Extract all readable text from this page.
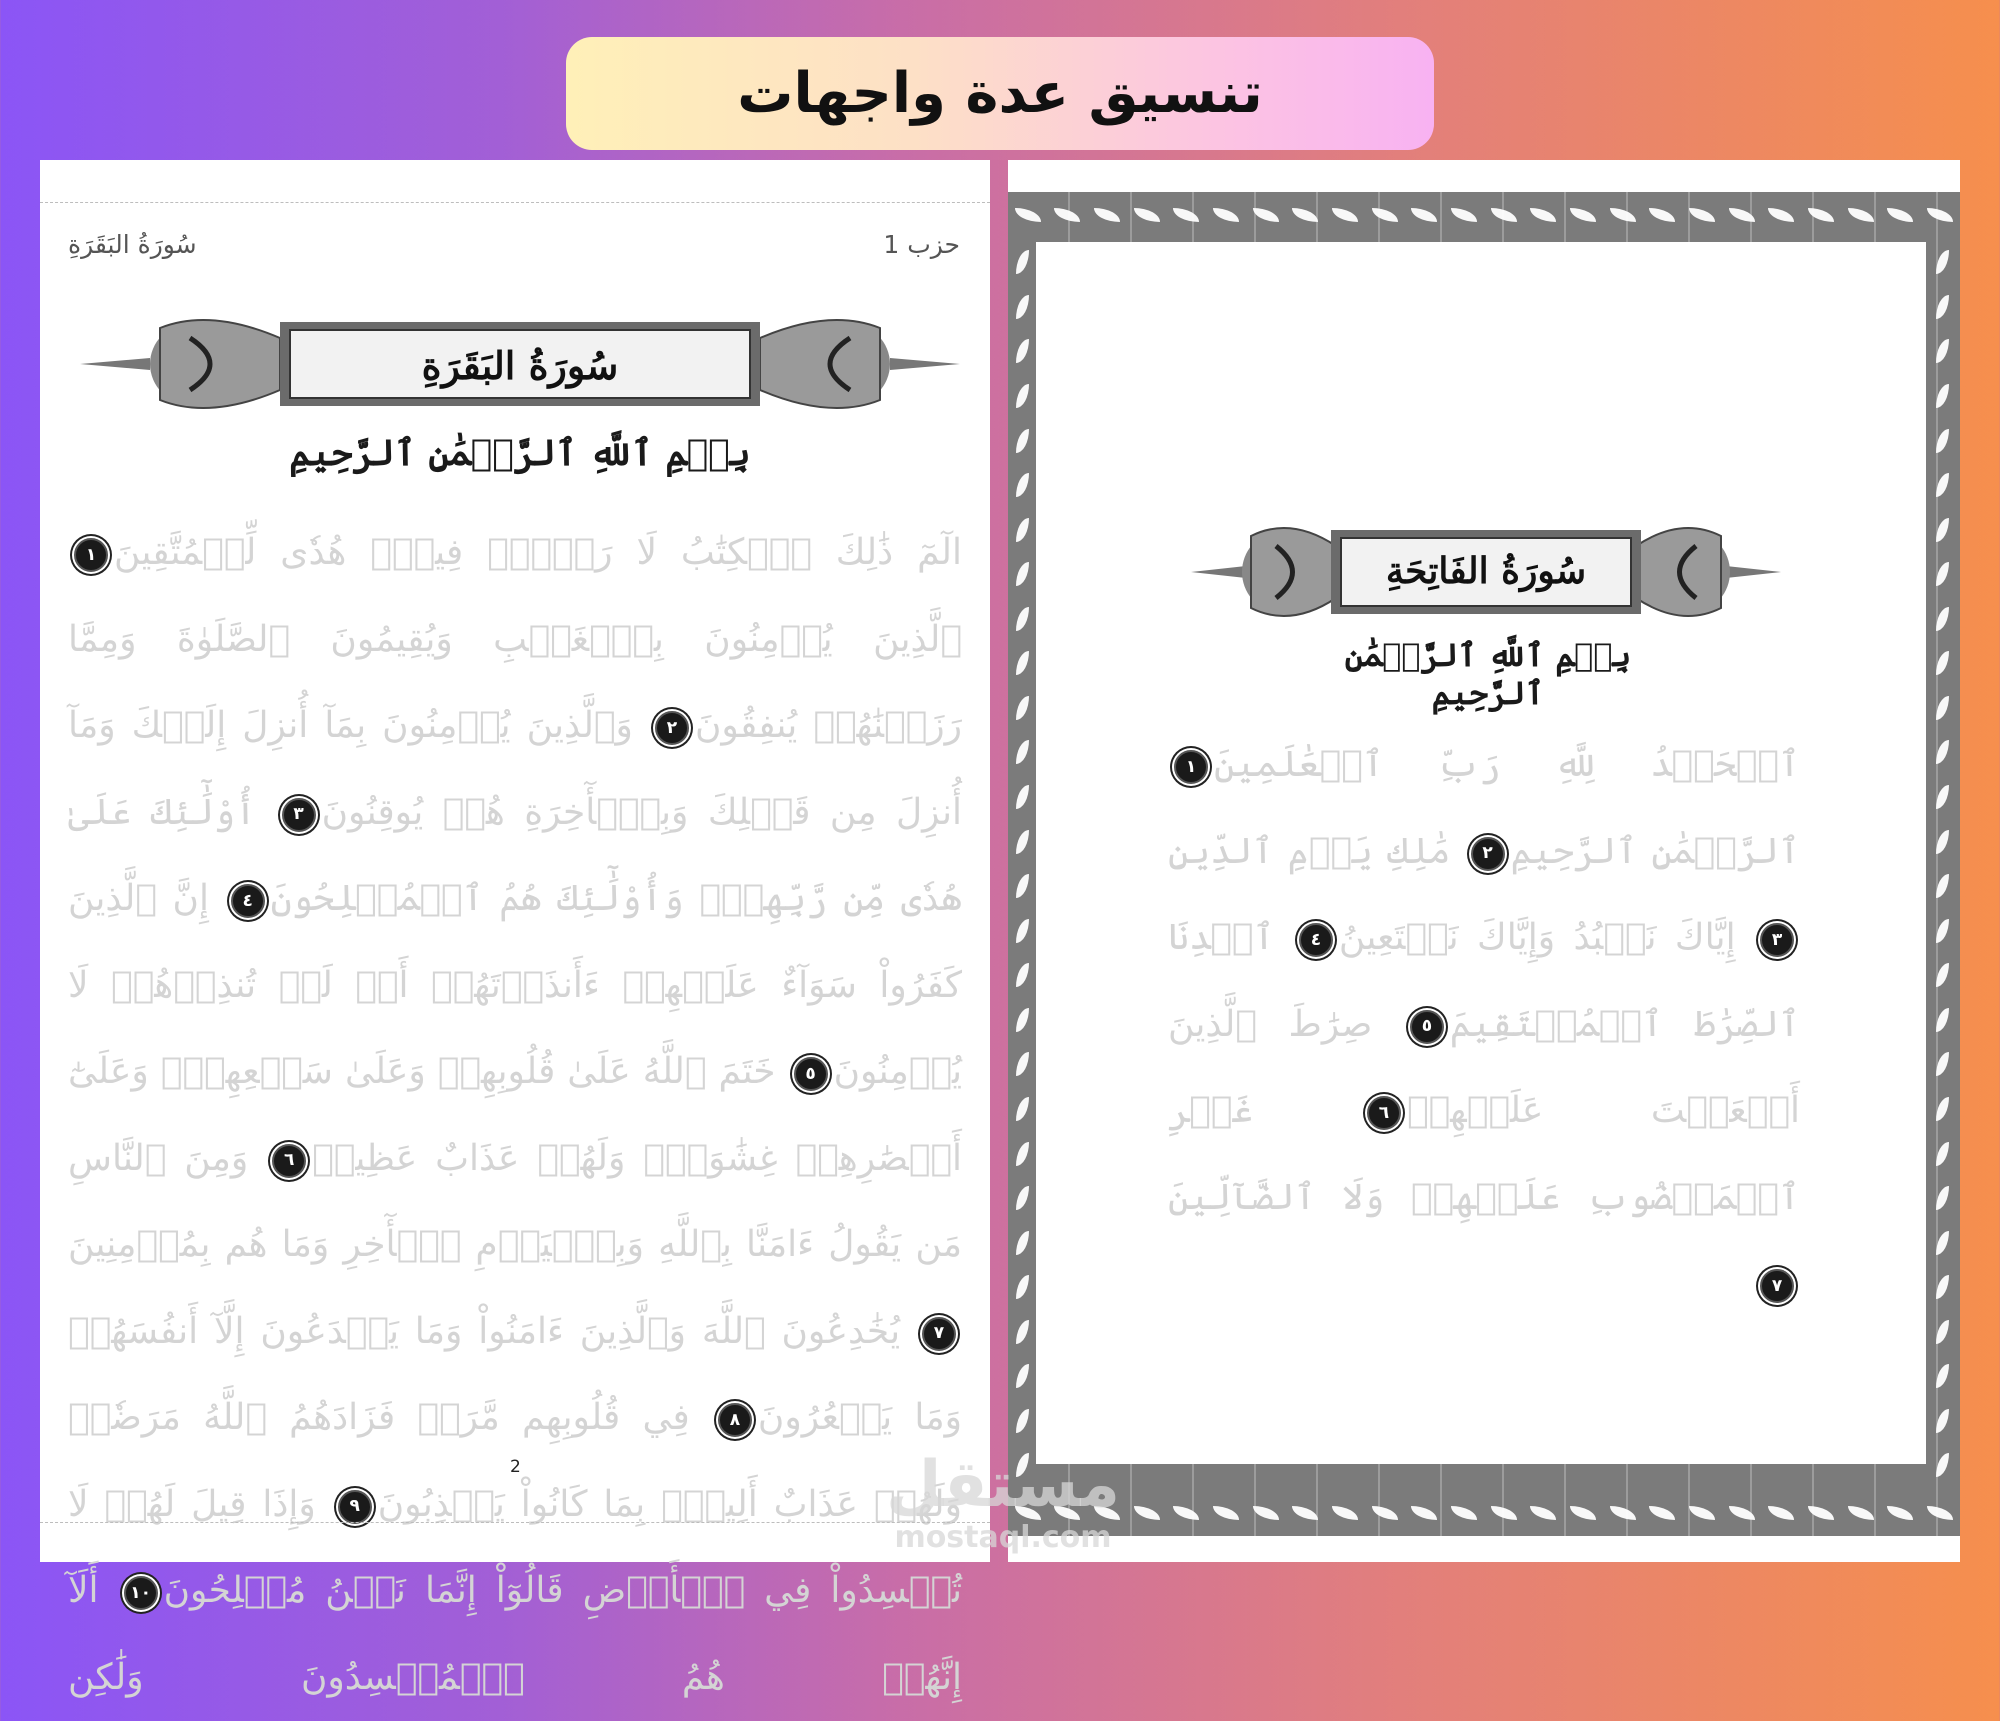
تنسيق عدة واجهات
حزب 1
سُورَةُ البَقَرَةِ
سُورَةُ البَقَرَةِ
بِسۡمِ ٱللَّهِ ٱلرَّحۡمَٰنِ ٱلرَّحِيمِ
الٓمٓ ذَٰلِكَ ٱلۡكِتَٰبُ لَا رَيۡبَۛ فِيهِۛ هُدٗى لِّلۡمُتَّقِينَ١ ٱلَّذِينَ يُؤۡمِنُونَ بِٱلۡغَيۡبِ وَيُقِيمُونَ ٱلصَّلَوٰةَ وَمِمَّا رَزَقۡنَٰهُمۡ يُنفِقُونَ٢ وَٱلَّذِينَ يُؤۡمِنُونَ بِمَآ أُنزِلَ إِلَيۡكَ وَمَآ أُنزِلَ مِن قَبۡلِكَ وَبِٱلۡأٓخِرَةِ هُمۡ يُوقِنُونَ٣ أُوْلَٰٓئِكَ عَلَىٰ هُدٗى مِّن رَّبِّهِمۡۖ وَأُوْلَٰٓئِكَ هُمُ ٱلۡمُفۡلِحُونَ٤ إِنَّ ٱلَّذِينَ كَفَرُواْ سَوَآءٌ عَلَيۡهِمۡ ءَأَنذَرۡتَهُمۡ أَمۡ لَمۡ تُنذِرۡهُمۡ لَا يُؤۡمِنُونَ٥ خَتَمَ ٱللَّهُ عَلَىٰ قُلُوبِهِمۡ وَعَلَىٰ سَمۡعِهِمۡۖ وَعَلَىٰٓ أَبۡصَٰرِهِمۡ غِشَٰوَةٞۖ وَلَهُمۡ عَذَابٌ عَظِيمٞ٦ وَمِنَ ٱلنَّاسِ مَن يَقُولُ ءَامَنَّا بِٱللَّهِ وَبِٱلۡيَوۡمِ ٱلۡأٓخِرِ وَمَا هُم بِمُؤۡمِنِينَ٧ يُخَٰدِعُونَ ٱللَّهَ وَٱلَّذِينَ ءَامَنُواْ وَمَا يَخۡدَعُونَ إِلَّآ أَنفُسَهُمۡ وَمَا يَشۡعُرُونَ٨ فِي قُلُوبِهِم مَّرَضٞ فَزَادَهُمُ ٱللَّهُ مَرَضٗاۖ وَلَهُمۡ عَذَابٌ أَلِيمُۢ بِمَا كَانُواْ يَكۡذِبُونَ٩ وَإِذَا قِيلَ لَهُمۡ لَا تُفۡسِدُواْ فِي ٱلۡأَرۡضِ قَالُوٓاْ إِنَّمَا نَحۡنُ مُصۡلِحُونَ١٠ أَلَآ إِنَّهُمۡ هُمُ ٱلۡمُفۡسِدُونَ وَلَٰكِن
2
سُورَةُ الفَاتِحَةِ
بِسۡمِ ٱللَّهِ ٱلرَّحۡمَٰنِ ٱلرَّحِيمِ
ٱلۡحَمۡدُ لِلَّهِ رَبِّ ٱلۡعَٰلَمِينَ١ ٱلرَّحۡمَٰنِ ٱلرَّحِيمِ٢ مَٰلِكِ يَوۡمِ ٱلدِّينِ٣ إِيَّاكَ نَعۡبُدُ وَإِيَّاكَ نَسۡتَعِينُ٤ ٱهۡدِنَا ٱلصِّرَٰطَ ٱلۡمُسۡتَقِيمَ٥ صِرَٰطَ ٱلَّذِينَ أَنۡعَمۡتَ عَلَيۡهِمۡ٦ غَيۡرِ ٱلۡمَغۡضُوبِ عَلَيۡهِمۡ وَلَا ٱلضَّآلِّينَ٧
مستقل
mostaql.com
